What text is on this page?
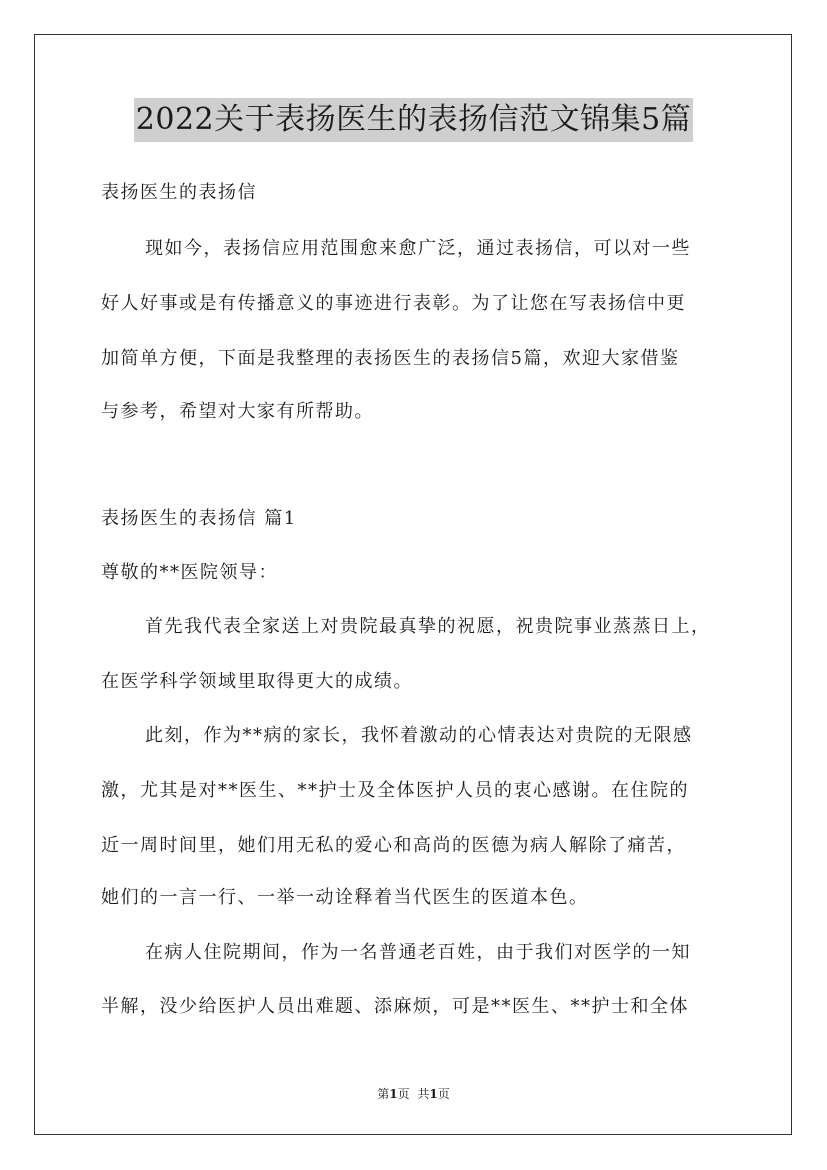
2022关于表扬医生的表扬信范文锦集5篇
表扬医生的表扬信
现如今，表扬信应用范围愈来愈广泛，通过表扬信，可以对一些
好人好事或是有传播意义的事迹进行表彰。为了让您在写表扬信中更
加简单方便，下面是我整理的表扬医生的表扬信5篇，欢迎大家借鉴
与参考，希望对大家有所帮助。
表扬医生的表扬信 篇1
尊敬的**医院领导：
首先我代表全家送上对贵院最真挚的祝愿，祝贵院事业蒸蒸日上，
在医学科学领域里取得更大的成绩。
此刻，作为**病的家长，我怀着激动的心情表达对贵院的无限感
激，尤其是对**医生、**护士及全体医护人员的衷心感谢。在住院的
近一周时间里，她们用无私的爱心和高尚的医德为病人解除了痛苦，
她们的一言一行、一举一动诠释着当代医生的医道本色。
在病人住院期间，作为一名普通老百姓，由于我们对医学的一知
半解，没少给医护人员出难题、添麻烦，可是**医生、**护士和全体
第1页 共1页
